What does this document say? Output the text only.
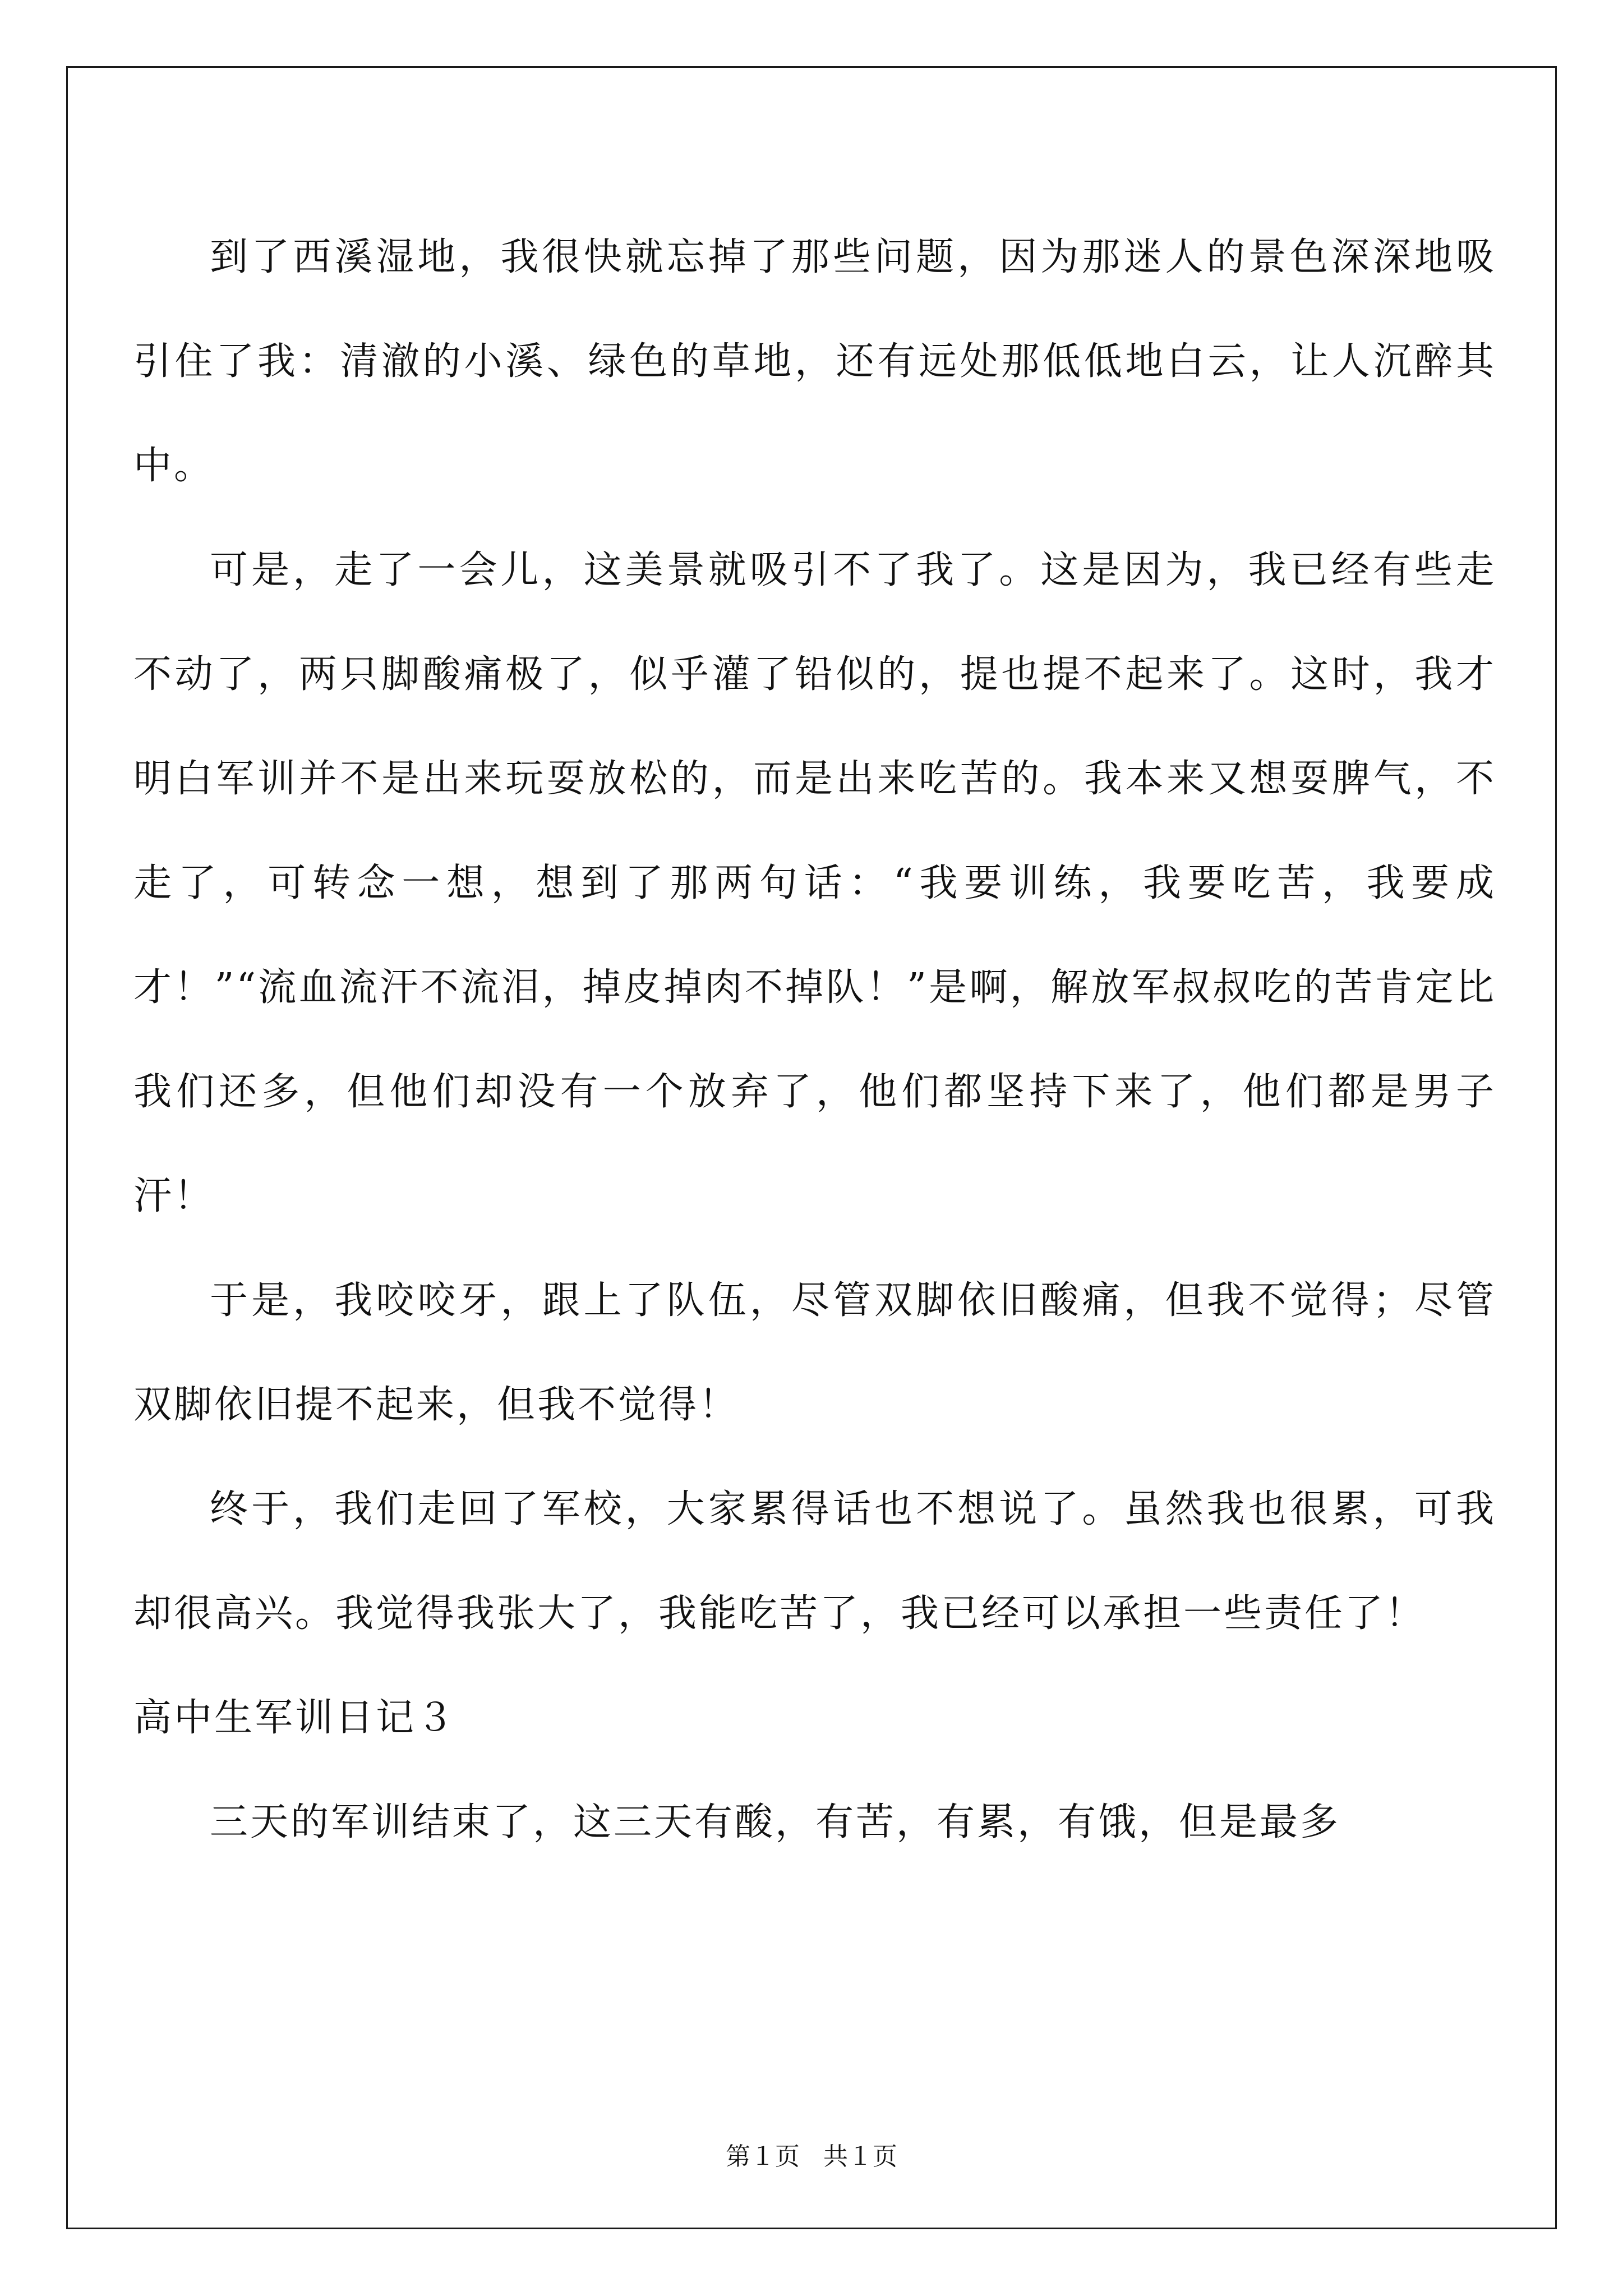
到了西溪湿地，我很快就忘掉了那些问题，因为那迷人的景色深深地吸引住了我：清澈的小溪、绿色的草地，还有远处那低低地白云，让人沉醉其中。

可是，走了一会儿，这美景就吸引不了我了。这是因为，我已经有些走不动了，两只脚酸痛极了，似乎灌了铅似的，提也提不起来了。这时，我才明白军训并不是出来玩耍放松的，而是出来吃苦的。我本来又想耍脾气，不走了，可转念一想，想到了那两句话：“我要训练，我要吃苦，我要成才！”“流血流汗不流泪，掉皮掉肉不掉队！”是啊，解放军叔叔吃的苦肯定比我们还多，但他们却没有一个放弃了，他们都坚持下来了，他们都是男子汗！

于是，我咬咬牙，跟上了队伍，尽管双脚依旧酸痛，但我不觉得；尽管双脚依旧提不起来，但我不觉得！

终于，我们走回了军校，大家累得话也不想说了。虽然我也很累，可我却很高兴。我觉得我张大了，我能吃苦了，我已经可以承担一些责任了！

高中生军训日记３

三天的军训结束了，这三天有酸，有苦，有累，有饿，但是最多

第１页   共１页
